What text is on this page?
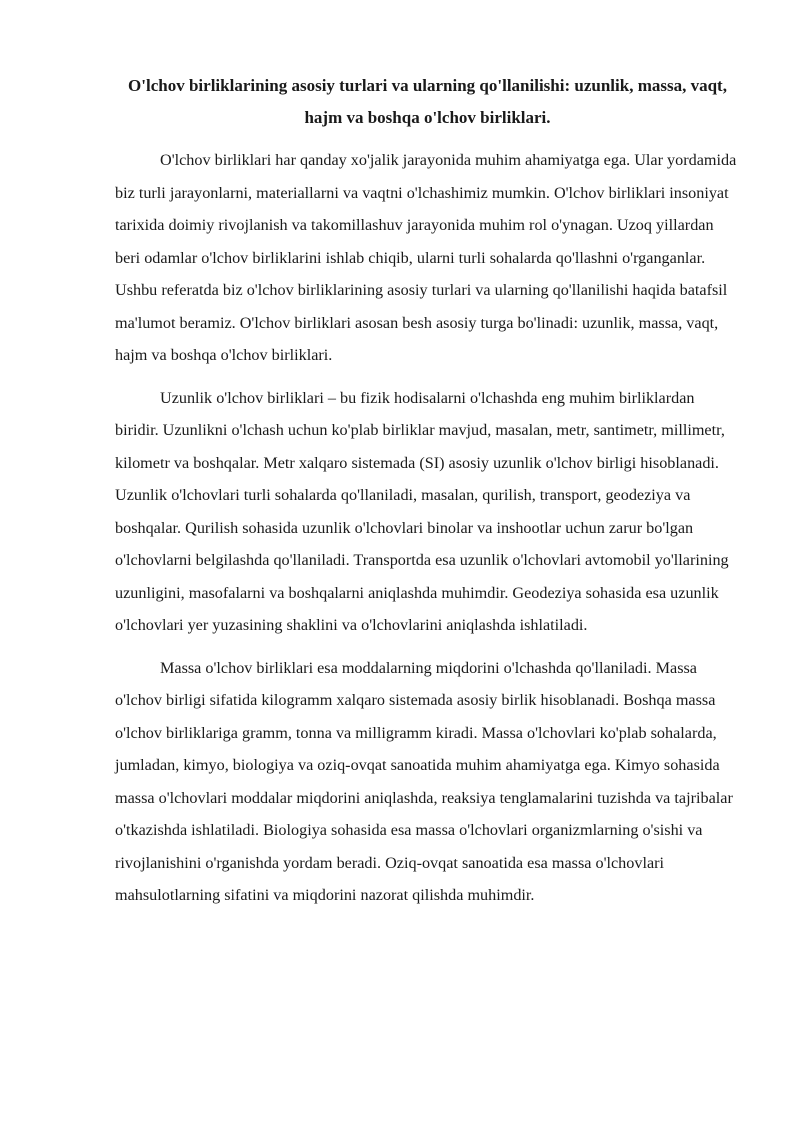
O'lchov birliklarining asosiy turlari va ularning qo'llanilishi: uzunlik, massa, vaqt, hajm va boshqa o'lchov birliklari.

O'lchov birliklari har qanday xo'jalik jarayonida muhim ahamiyatga ega. Ular yordamida biz turli jarayonlarni, materiallarni va vaqtni o'lchashimiz mumkin. O'lchov birliklari insoniyat tarixida doimiy rivojlanish va takomillashuv jarayonida muhim rol o'ynagan. Uzoq yillardan beri odamlar o'lchov birliklarini ishlab chiqib, ularni turli sohalarda qo'llashni o'rganganlar. Ushbu referatda biz o'lchov birliklarining asosiy turlari va ularning qo'llanilishi haqida batafsil ma'lumot beramiz. O'lchov birliklari asosan besh asosiy turga bo'linadi: uzunlik, massa, vaqt, hajm va boshqa o'lchov birliklari.

Uzunlik o'lchov birliklari – bu fizik hodisalarni o'lchashda eng muhim birliklardan biridir. Uzunlikni o'lchash uchun ko'plab birliklar mavjud, masalan, metr, santimetr, millimetr, kilometr va boshqalar. Metr xalqaro sistemada (SI) asosiy uzunlik o'lchov birligi hisoblanadi. Uzunlik o'lchovlari turli sohalarda qo'llaniladi, masalan, qurilish, transport, geodeziya va boshqalar. Qurilish sohasida uzunlik o'lchovlari binolar va inshootlar uchun zarur bo'lgan o'lchovlarni belgilashda qo'llaniladi. Transportda esa uzunlik o'lchovlari avtomobil yo'llarining uzunligini, masofalarni va boshqalarni aniqlashda muhimdir. Geodeziya sohasida esa uzunlik o'lchovlari yer yuzasining shaklini va o'lchovlarini aniqlashda ishlatiladi.

Massa o'lchov birliklari esa moddalarning miqdorini o'lchashda qo'llaniladi. Massa o'lchov birligi sifatida kilogramm xalqaro sistemada asosiy birlik hisoblanadi. Boshqa massa o'lchov birliklariga gramm, tonna va milligramm kiradi. Massa o'lchovlari ko'plab sohalarda, jumladan, kimyo, biologiya va oziq-ovqat sanoatida muhim ahamiyatga ega. Kimyo sohasida massa o'lchovlari moddalar miqdorini aniqlashda, reaksiya tenglamalarini tuzishda va tajribalar o'tkazishda ishlatiladi. Biologiya sohasida esa massa o'lchovlari organizmlarning o'sishi va rivojlanishini o'rganishda yordam beradi. Oziq-ovqat sanoatida esa massa o'lchovlari mahsulotlarning sifatini va miqdorini nazorat qilishda muhimdir.
